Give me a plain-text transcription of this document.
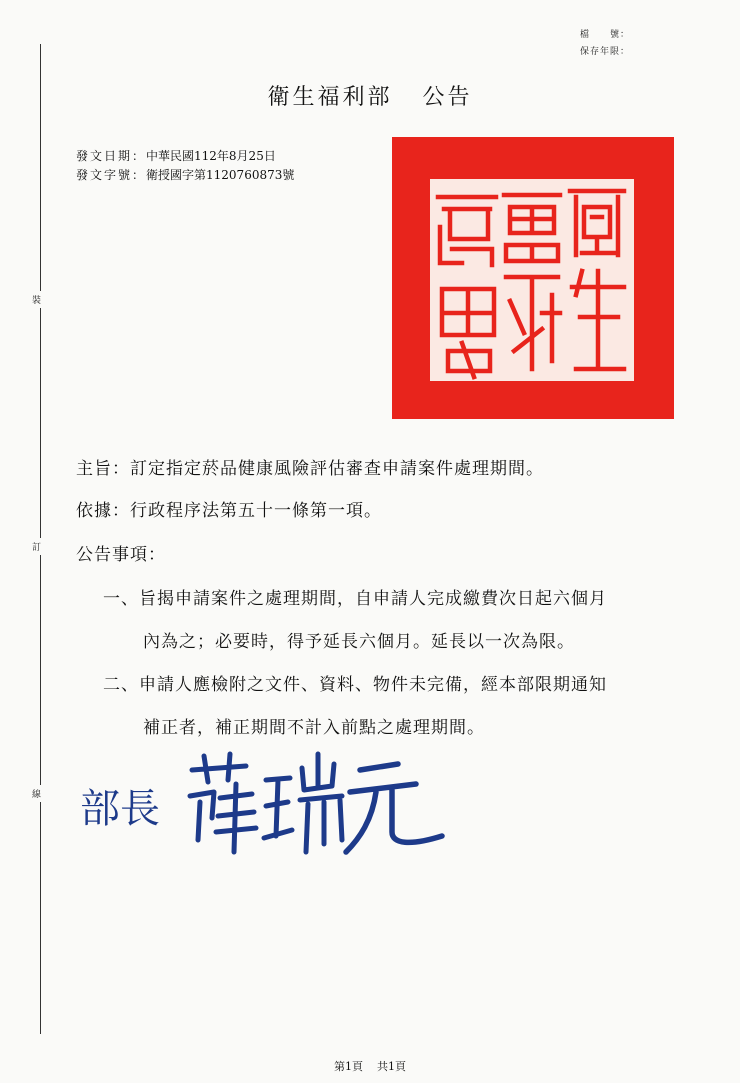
檔　　號：
保存年限：
裝
訂
線
衛生福利部 公告
發文日期：中華民國112年8月25日
發文字號：衛授國字第1120760873號
主旨：訂定指定菸品健康風險評估審查申請案件處理期間。
依據：行政程序法第五十一條第一項。
公告事項：
一、旨揭申請案件之處理期間，自申請人完成繳費次日起六個月
內為之；必要時，得予延長六個月。延長以一次為限。
二、申請人應檢附之文件、資料、物件未完備，經本部限期通知
補正者，補正期間不計入前點之處理期間。
部長
第1頁 共1頁
